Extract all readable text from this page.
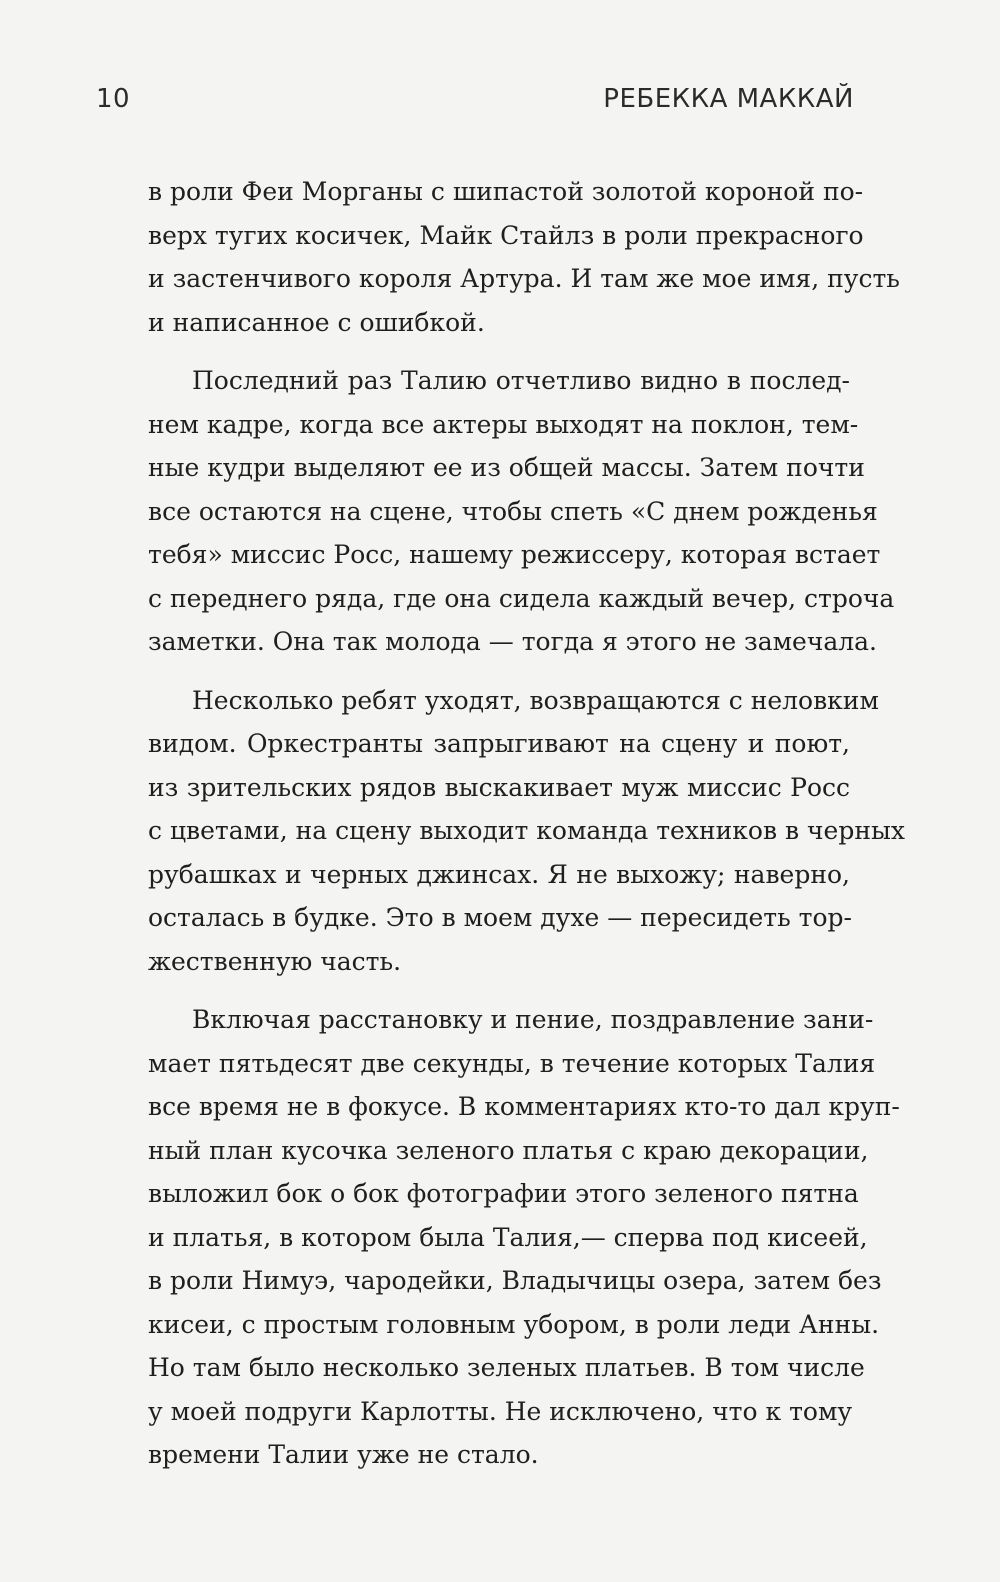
10	РЕБЕККА МАККАЙ

в роли Феи Морганы с шипастой золотой короной по-
верх тугих косичек, Майк Стайлз в роли прекрасного
и застенчивого короля Артура. И там же мое имя, пусть
и написанное с ошибкой.

Последний раз Талию отчетливо видно в послед-
нем кадре, когда все актеры выходят на поклон, тем-
ные кудри выделяют ее из общей массы. Затем почти
все остаются на сцене, чтобы спеть «С днем рожденья
тебя» миссис Росс, нашему режиссеру, которая встает
с переднего ряда, где она сидела каждый вечер, строча
заметки. Она так молода — тогда я этого не замечала.

Несколько ребят уходят, возвращаются с неловким
видом. Оркестранты запрыгивают на сцену и поют,
из зрительских рядов выскакивает муж миссис Росс
с цветами, на сцену выходит команда техников в черных
рубашках и черных джинсах. Я не выхожу; наверно,
осталась в будке. Это в моем духе — пересидеть тор-
жественную часть.

Включая расстановку и пение, поздравление зани-
мает пятьдесят две секунды, в течение которых Талия
все время не в фокусе. В комментариях кто-то дал круп-
ный план кусочка зеленого платья с краю декорации,
выложил бок о бок фотографии этого зеленого пятна
и платья, в котором была Талия,— сперва под кисеей,
в роли Нимуэ, чародейки, Владычицы озера, затем без
кисеи, с простым головным убором, в роли леди Анны.
Но там было несколько зеленых платьев. В том числе
у моей подруги Карлотты. Не исключено, что к тому
времени Талии уже не стало.
